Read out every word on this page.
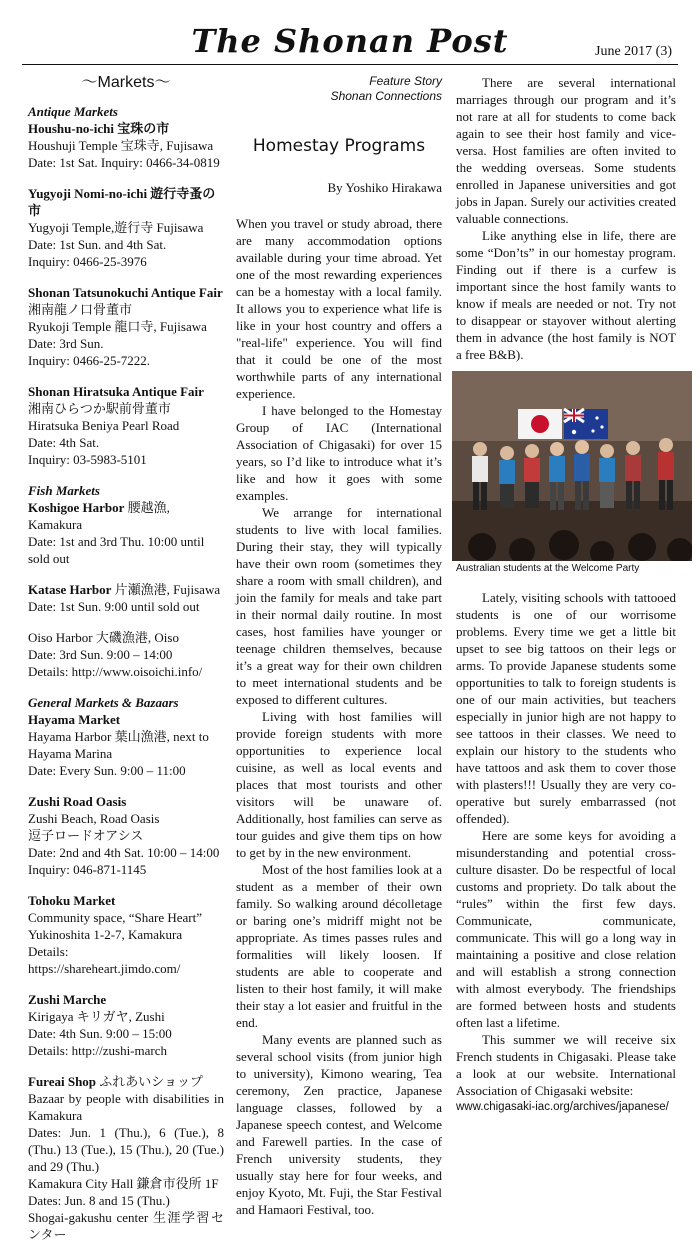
The Shonan Post	June 2017 (3)
～Markets～
Antique Markets
Houshu-no-ichi 宝珠の市
Houshuji Temple 宝珠寺, Fujisawa
Date: 1st Sat. Inquiry: 0466-34-0819
Yugyoji Nomi-no-ichi 遊行寺蚤の市
Yugyoji Temple,遊行寺 Fujisawa
Date: 1st Sun. and 4th Sat.
Inquiry: 0466-25-3976
Shonan Tatsunokuchi Antique Fair
湘南龍ノ口骨董市
Ryukoji Temple 龍口寺, Fujisawa
Date: 3rd Sun.
Inquiry: 0466-25-7222.
Shonan Hiratsuka Antique Fair
湘南ひらつか駅前骨董市
Hiratsuka Beniya Pearl Road
Date: 4th Sat.
Inquiry: 03-5983-5101
Fish Markets
Koshigoe Harbor 腰越漁, Kamakura
Date: 1st and 3rd Thu. 10:00 until sold out
Katase Harbor 片瀬漁港, Fujisawa
Date: 1st Sun. 9:00 until sold out
Oiso Harbor 大磯漁港, Oiso
Date: 3rd Sun. 9:00 – 14:00
Details: http://www.oisoichi.info/
General Markets & Bazaars
Hayama Market
Hayama Harbor 葉山漁港, next to
Hayama Marina
Date: Every Sun. 9:00 – 11:00
Zushi Road Oasis
Zushi Beach, Road Oasis
逗子ロードオアシス
Date: 2nd and 4th Sat. 10:00 – 14:00
Inquiry: 046-871-1145
Tohoku Market
Community space, “Share Heart”
Yukinoshita 1-2-7, Kamakura
Details:
https://shareheart.jimdo.com/
Zushi Marche
Kirigaya キリガヤ, Zushi
Date: 4th Sun. 9:00 – 15:00
Details: http://zushi-march
Fureai Shop ふれあいショップ
Bazaar by people with disabilities in Kamakura
Dates: Jun. 1 (Thu.), 6 (Tue.), 8 (Thu.) 13 (Tue.), 15 (Thu.), 20 (Tue.) and 29 (Thu.)
Kamakura City Hall 鎌倉市役所 1F
Dates: Jun. 8 and 15 (Thu.)
Shogai-gakushu center 生涯学習センター
Feature Story
Shonan Connections
Homestay Programs
By Yoshiko Hirakawa

When you travel or study abroad, there are many accommodation options available during your time abroad. Yet one of the most rewarding experiences can be a homestay with a local family. It allows you to experience what life is like in your host country and offers a "real-life" experience. You will find that it could be one of the most worthwhile parts of any international experience.

I have belonged to the Homestay Group of IAC (International Association of Chigasaki) for over 15 years, so I’d like to introduce what it’s like and how it goes with some examples.

We arrange for international students to live with local families. During their stay, they will typically have their own room (sometimes they share a room with small children), and join the family for meals and take part in their normal daily routine. In most cases, host families have younger or teenage children themselves, because it’s a great way for their own children to meet international students and be exposed to different cultures.

Living with host families will provide foreign students with more opportunities to experience local cuisine, as well as local events and places that most tourists and other visitors will be unaware of. Additionally, host families can serve as tour guides and give them tips on how to get by in the new environment.

Most of the host families look at a student as a member of their own family. So walking around décolletage or baring one’s midriff might not be appropriate. As times passes rules and formalities will likely loosen. If students are able to cooperate and listen to their host family, it will make their stay a lot easier and fruitful in the end.

Many events are planned such as several school visits (from junior high to university), Kimono wearing, Tea ceremony, Zen practice, Japanese language classes, followed by a Japanese speech contest, and Welcome and Farewell parties. In the case of French university students, they usually stay here for four weeks, and enjoy Kyoto, Mt. Fuji, the Star Festival and Hamaori Festival, too.

There are several international marriages through our program and it’s not rare at all for students to come back again to see their host family and vice-versa. Host families are often invited to the wedding overseas. Some students enrolled in Japanese universities and got jobs in Japan. Surely our activities created valuable connections.

Like anything else in life, there are some “Don’ts” in our homestay program. Finding out if there is a curfew is important since the host family wants to know if meals are needed or not. Try not to disappear or stayover without alerting them in advance (the host family is NOT a free B&B).

Australian students at the Welcome Party

Lately, visiting schools with tattooed students is one of our worrisome problems. Every time we get a little bit upset to see big tattoos on their legs or arms. To provide Japanese students some opportunities to talk to foreign students is one of our main activities, but teachers especially in junior high are not happy to see tattoos in their classes. We need to explain our history to the students who have tattoos and ask them to cover those with plasters!!! Usually they are very co-operative but surely embarrassed (not offended).

Here are some keys for avoiding a misunderstanding and potential cross-culture disaster. Do be respectful of local customs and propriety. Do talk about the “rules” within the first few days. Communicate, communicate, communicate. This will go a long way in maintaining a positive and close relation and will establish a strong connection with almost everybody. The friendships are formed between hosts and students often last a lifetime.

This summer we will receive six French students in Chigasaki. Please take a look at our website. International Association of Chigasaki website:

www.chigasaki-iac.org/archives/japanese/
